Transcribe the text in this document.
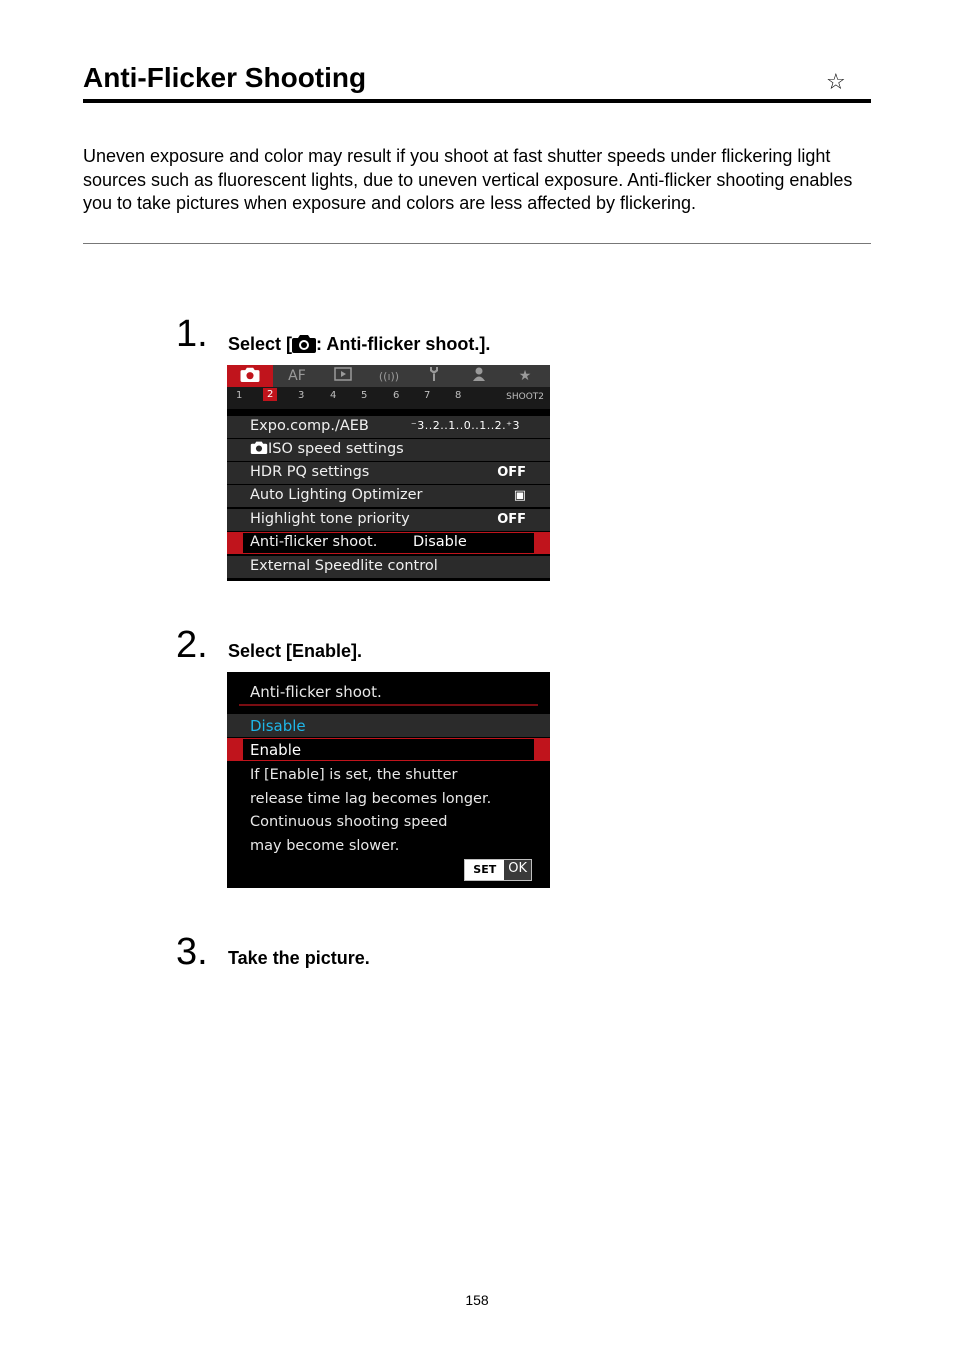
Anti-Flicker Shooting	☆

Uneven exposure and color may result if you shoot at fast shutter speeds under flickering light sources such as fluorescent lights, due to uneven vertical exposure. Anti-flicker shooting enables you to take pictures when exposure and colors are less affected by flickering.

1. Select [ : Anti-flicker shoot.].
AF	((ı))	★
1	2	3	4 5	6 7 8	SHOOT2
Expo.comp./AEB	⁻3..2..1..0..1..2.⁺3
ISO speed settings
HDR PQ settings	OFF
Auto Lighting Optimizer	▣
Highlight tone priority	OFF
Anti-flicker shoot. Disable
External Speedlite control
2. Select [Enable].
Anti-flicker shoot.
Disable
Enable

If [Enable] is set, the shutter
release time lag becomes longer.
Continuous shooting speed
may become slower.

SET OK
3. Take the picture.
158
